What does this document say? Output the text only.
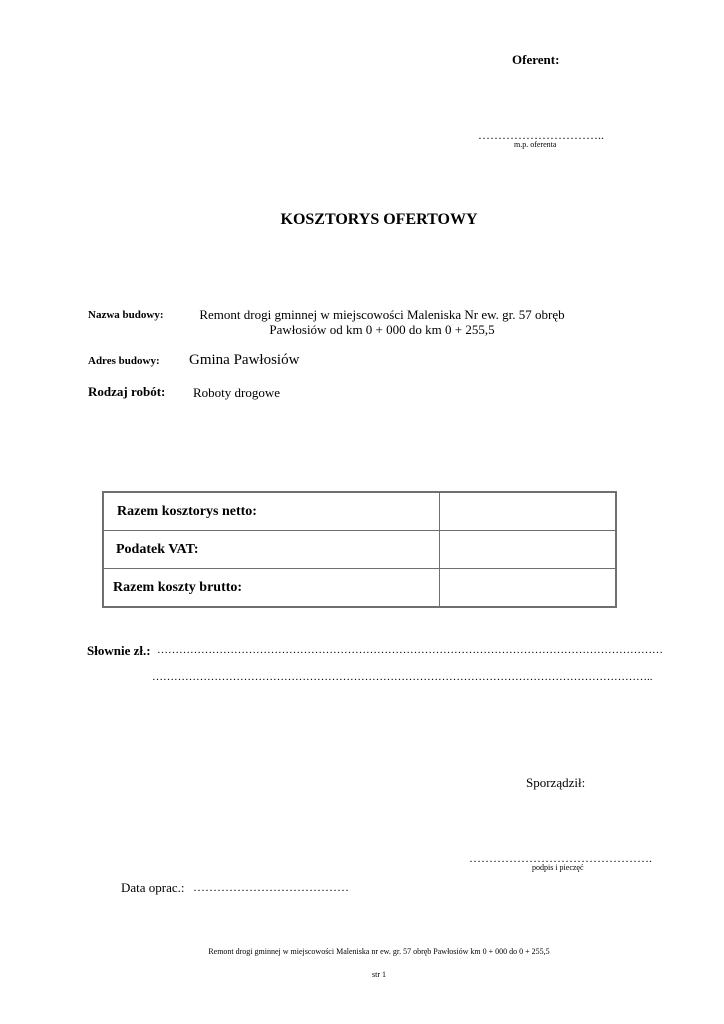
Oferent:
…………………………..
m.p. oferenta
KOSZTORYS OFERTOWY
Nazwa budowy:	Remont drogi gminnej w miejscowości Maleniska Nr ew. gr. 57 obręb Pawłosiów od km 0 + 000 do km 0 + 255,5
Adres budowy: Gmina Pawłosiów
Rodzaj robót: Roboty drogowe
Razem kosztorys netto:	
Podatek VAT:	
Razem koszty brutto:	
Słownie zł.: …………………………………………………………………………………………………………………………
………………………………………………………………………………………………………………………..
Sporządził:
……………………………………….
podpis i pieczęć
Data oprac.: …………………………………
Remont drogi gminnej w miejscowości Maleniska nr ew. gr. 57 obręb Pawłosiów km 0 + 000 do 0 + 255,5
str 1
